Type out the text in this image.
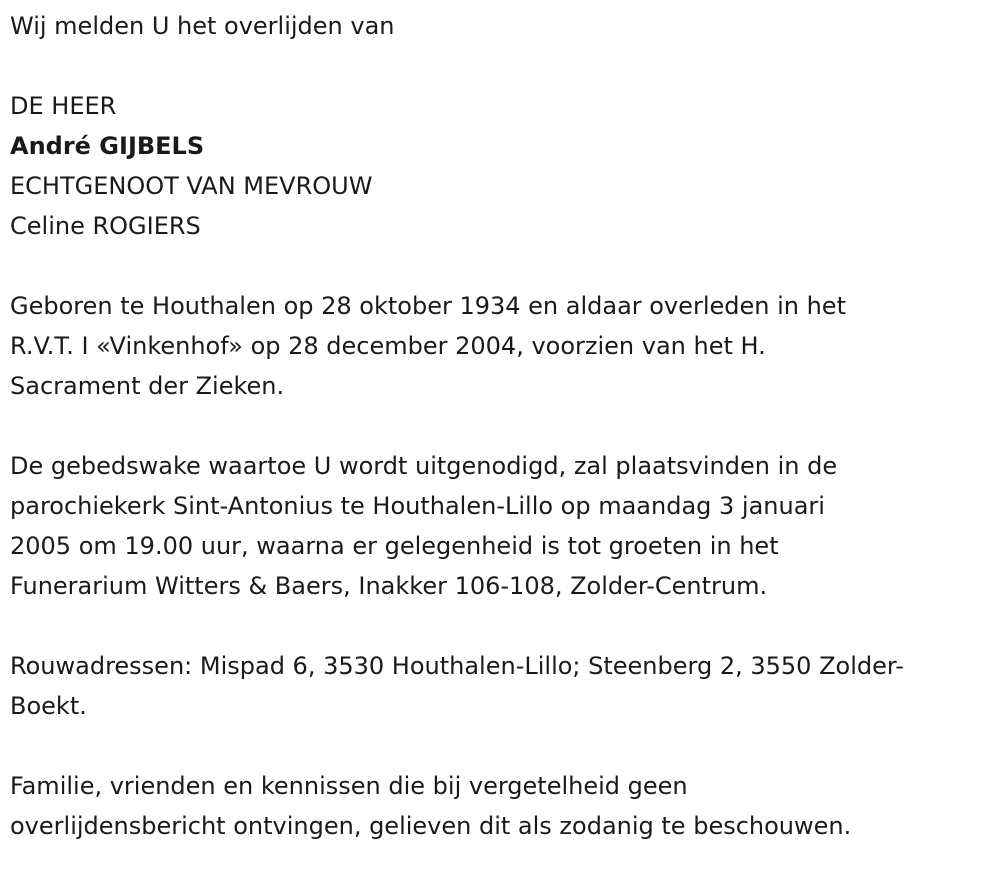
Wij melden U het overlijden van

DE HEER

André GIJBELS

ECHTGENOOT VAN MEVROUW

Celine ROGIERS

Geboren te Houthalen op 28 oktober 1934 en aldaar overleden in het

R.V.T. I «Vinkenhof» op 28 december 2004, voorzien van het H.

Sacrament der Zieken.

De gebedswake waartoe U wordt uitgenodigd, zal plaatsvinden in de

parochiekerk Sint-Antonius te Houthalen-Lillo op maandag 3 januari

2005 om 19.00 uur, waarna er gelegenheid is tot groeten in het

Funerarium Witters & Baers, Inakker 106-108, Zolder-Centrum.

Rouwadressen: Mispad 6, 3530 Houthalen-Lillo; Steenberg 2, 3550 Zolder-

Boekt.

Familie, vrienden en kennissen die bij vergetelheid geen

overlijdensbericht ontvingen, gelieven dit als zodanig te beschouwen.
